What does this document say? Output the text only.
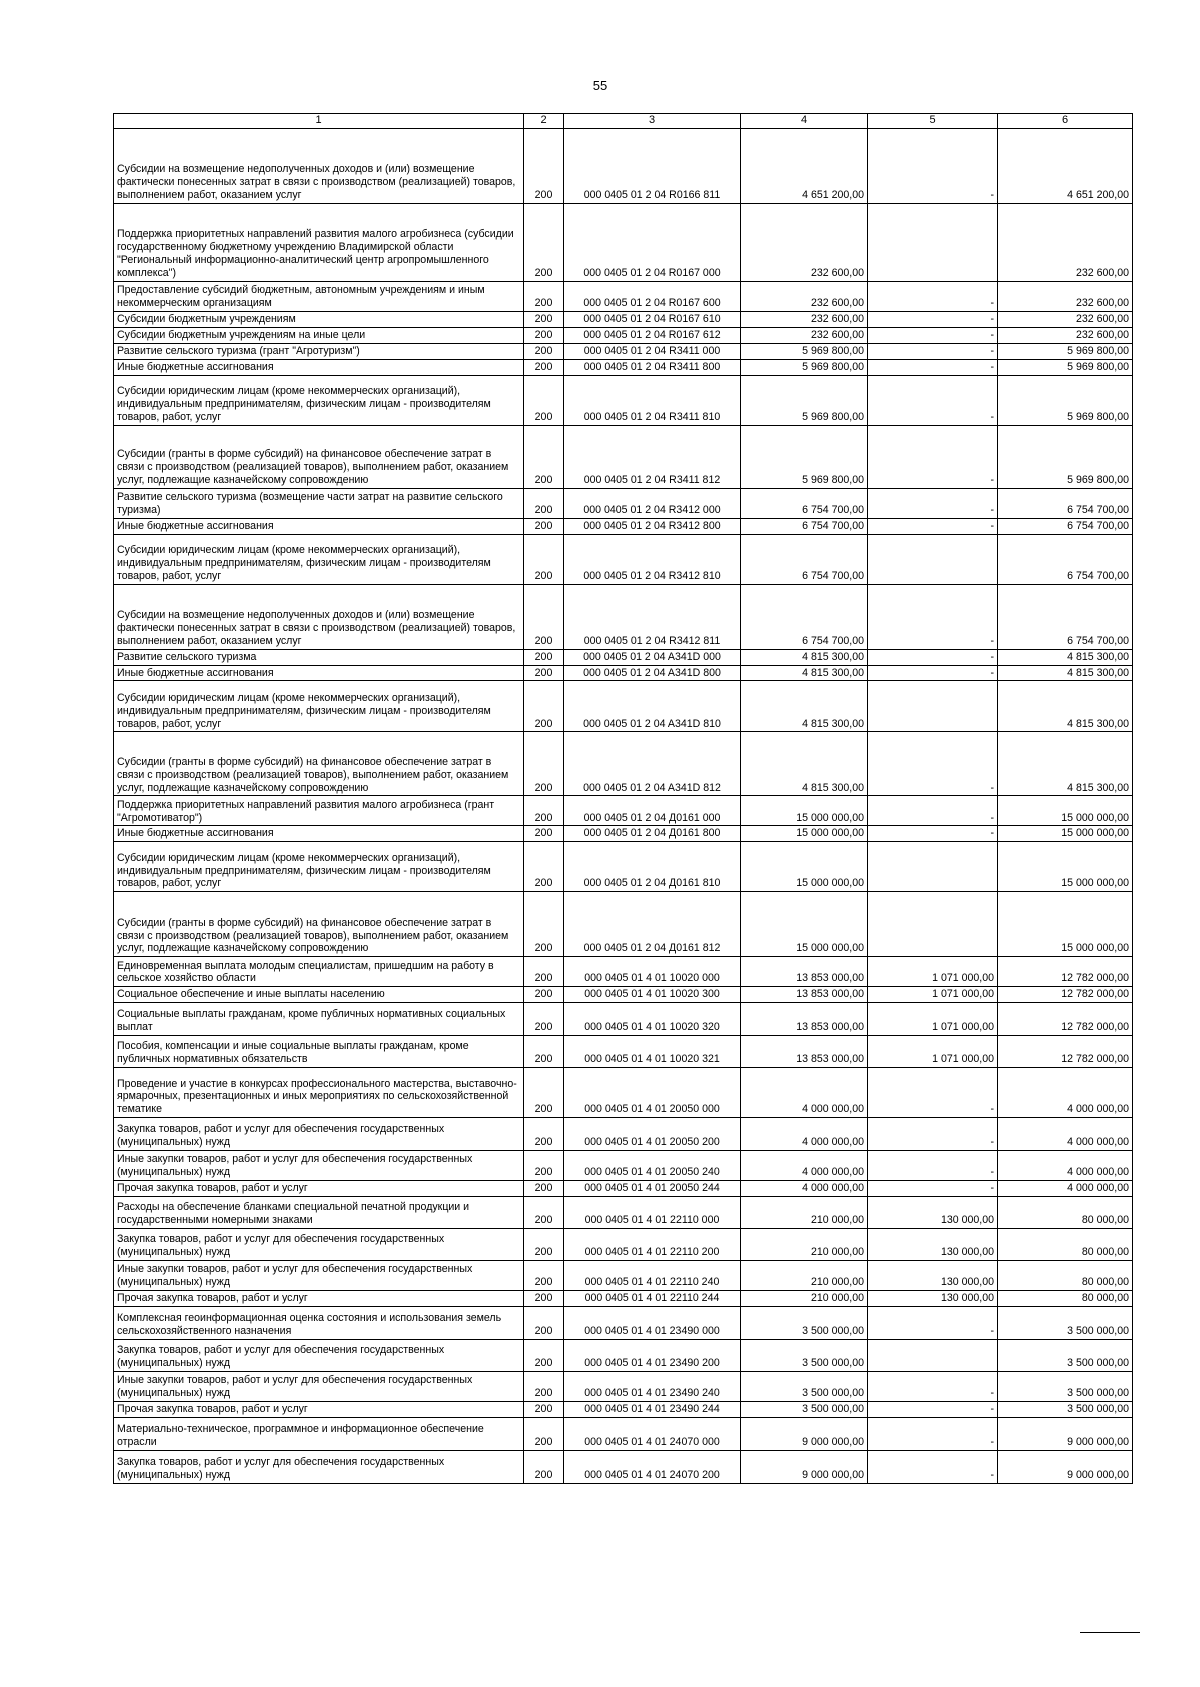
55
1	2	3	4	5	6
Субсидии на возмещение недополученных доходов и (или) возмещение фактически понесенных затрат в связи с производством (реализацией) товаров, выполнением работ, оказанием услуг	200	000 0405 01 2 04 R0166 811	4 651 200,00	-	4 651 200,00
Поддержка приоритетных направлений развития малого агробизнеса (субсидии государственному бюджетному учреждению Владимирской области "Региональный информационно-аналитический центр агропромышленного комплекса")	200	000 0405 01 2 04 R0167 000	232 600,00		232 600,00
Предоставление субсидий бюджетным, автономным учреждениям и иным некоммерческим организациям	200	000 0405 01 2 04 R0167 600	232 600,00	-	232 600,00
Субсидии бюджетным учреждениям	200	000 0405 01 2 04 R0167 610	232 600,00	-	232 600,00
Субсидии бюджетным учреждениям на иные цели	200	000 0405 01 2 04 R0167 612	232 600,00	-	232 600,00
Развитие сельского туризма (грант "Агротуризм")	200	000 0405 01 2 04 R3411 000	5 969 800,00	-	5 969 800,00
Иные бюджетные ассигнования	200	000 0405 01 2 04 R3411 800	5 969 800,00	-	5 969 800,00
Субсидии юридическим лицам (кроме некоммерческих организаций), индивидуальным предпринимателям, физическим лицам - производителям товаров, работ, услуг	200	000 0405 01 2 04 R3411 810	5 969 800,00	-	5 969 800,00
Субсидии (гранты в форме субсидий) на финансовое обеспечение затрат в связи с производством (реализацией товаров), выполнением работ, оказанием услуг, подлежащие казначейскому сопровождению	200	000 0405 01 2 04 R3411 812	5 969 800,00	-	5 969 800,00
Развитие сельского туризма (возмещение части затрат на развитие сельского туризма)	200	000 0405 01 2 04 R3412 000	6 754 700,00	-	6 754 700,00
Иные бюджетные ассигнования	200	000 0405 01 2 04 R3412 800	6 754 700,00	-	6 754 700,00
Субсидии юридическим лицам (кроме некоммерческих организаций), индивидуальным предпринимателям, физическим лицам - производителям товаров, работ, услуг	200	000 0405 01 2 04 R3412 810	6 754 700,00		6 754 700,00
Субсидии на возмещение недополученных доходов и (или) возмещение фактически понесенных затрат в связи с производством (реализацией) товаров, выполнением работ, оказанием услуг	200	000 0405 01 2 04 R3412 811	6 754 700,00	-	6 754 700,00
Развитие сельского туризма	200	000 0405 01 2 04 A341D 000	4 815 300,00	-	4 815 300,00
Иные бюджетные ассигнования	200	000 0405 01 2 04 A341D 800	4 815 300,00	-	4 815 300,00
Субсидии юридическим лицам (кроме некоммерческих организаций), индивидуальным предпринимателям, физическим лицам - производителям товаров, работ, услуг	200	000 0405 01 2 04 A341D 810	4 815 300,00		4 815 300,00
Субсидии (гранты в форме субсидий) на финансовое обеспечение затрат в связи с производством (реализацией товаров), выполнением работ, оказанием услуг, подлежащие казначейскому сопровождению	200	000 0405 01 2 04 A341D 812	4 815 300,00	-	4 815 300,00
Поддержка приоритетных направлений развития малого агробизнеса (грант "Агромотиватор")	200	000 0405 01 2 04 Д0161 000	15 000 000,00	-	15 000 000,00
Иные бюджетные ассигнования	200	000 0405 01 2 04 Д0161 800	15 000 000,00	-	15 000 000,00
Субсидии юридическим лицам (кроме некоммерческих организаций), индивидуальным предпринимателям, физическим лицам - производителям товаров, работ, услуг	200	000 0405 01 2 04 Д0161 810	15 000 000,00		15 000 000,00
Субсидии (гранты в форме субсидий) на финансовое обеспечение затрат в связи с производством (реализацией товаров), выполнением работ, оказанием услуг, подлежащие казначейскому сопровождению	200	000 0405 01 2 04 Д0161 812	15 000 000,00		15 000 000,00
Единовременная выплата молодым специалистам, пришедшим на работу в сельское хозяйство области	200	000 0405 01 4 01 10020 000	13 853 000,00	1 071 000,00	12 782 000,00
Социальное обеспечение и иные выплаты населению	200	000 0405 01 4 01 10020 300	13 853 000,00	1 071 000,00	12 782 000,00
Социальные выплаты гражданам, кроме публичных нормативных социальных выплат	200	000 0405 01 4 01 10020 320	13 853 000,00	1 071 000,00	12 782 000,00
Пособия, компенсации и иные социальные выплаты гражданам, кроме публичных нормативных обязательств	200	000 0405 01 4 01 10020 321	13 853 000,00	1 071 000,00	12 782 000,00
Проведение и участие в конкурсах профессионального мастерства, выставочно-ярмарочных, презентационных и иных мероприятиях по сельскохозяйственной тематике	200	000 0405 01 4 01 20050 000	4 000 000,00	-	4 000 000,00
Закупка товаров, работ и услуг для обеспечения государственных (муниципальных) нужд	200	000 0405 01 4 01 20050 200	4 000 000,00	-	4 000 000,00
Иные закупки товаров, работ и услуг для обеспечения государственных (муниципальных) нужд	200	000 0405 01 4 01 20050 240	4 000 000,00	-	4 000 000,00
Прочая закупка товаров, работ и услуг	200	000 0405 01 4 01 20050 244	4 000 000,00	-	4 000 000,00
Расходы на обеспечение бланками специальной печатной продукции и государственными номерными знаками	200	000 0405 01 4 01 22110 000	210 000,00	130 000,00	80 000,00
Закупка товаров, работ и услуг для обеспечения государственных (муниципальных) нужд	200	000 0405 01 4 01 22110 200	210 000,00	130 000,00	80 000,00
Иные закупки товаров, работ и услуг для обеспечения государственных (муниципальных) нужд	200	000 0405 01 4 01 22110 240	210 000,00	130 000,00	80 000,00
Прочая закупка товаров, работ и услуг	200	000 0405 01 4 01 22110 244	210 000,00	130 000,00	80 000,00
Комплексная геоинформационная оценка состояния и использования земель сельскохозяйственного назначения	200	000 0405 01 4 01 23490 000	3 500 000,00	-	3 500 000,00
Закупка товаров, работ и услуг для обеспечения государственных (муниципальных) нужд	200	000 0405 01 4 01 23490 200	3 500 000,00		3 500 000,00
Иные закупки товаров, работ и услуг для обеспечения государственных (муниципальных) нужд	200	000 0405 01 4 01 23490 240	3 500 000,00	-	3 500 000,00
Прочая закупка товаров, работ и услуг	200	000 0405 01 4 01 23490 244	3 500 000,00	-	3 500 000,00
Материально-техническое, программное и информационное обеспечение отрасли	200	000 0405 01 4 01 24070 000	9 000 000,00	-	9 000 000,00
Закупка товаров, работ и услуг для обеспечения государственных (муниципальных) нужд	200	000 0405 01 4 01 24070 200	9 000 000,00	-	9 000 000,00
